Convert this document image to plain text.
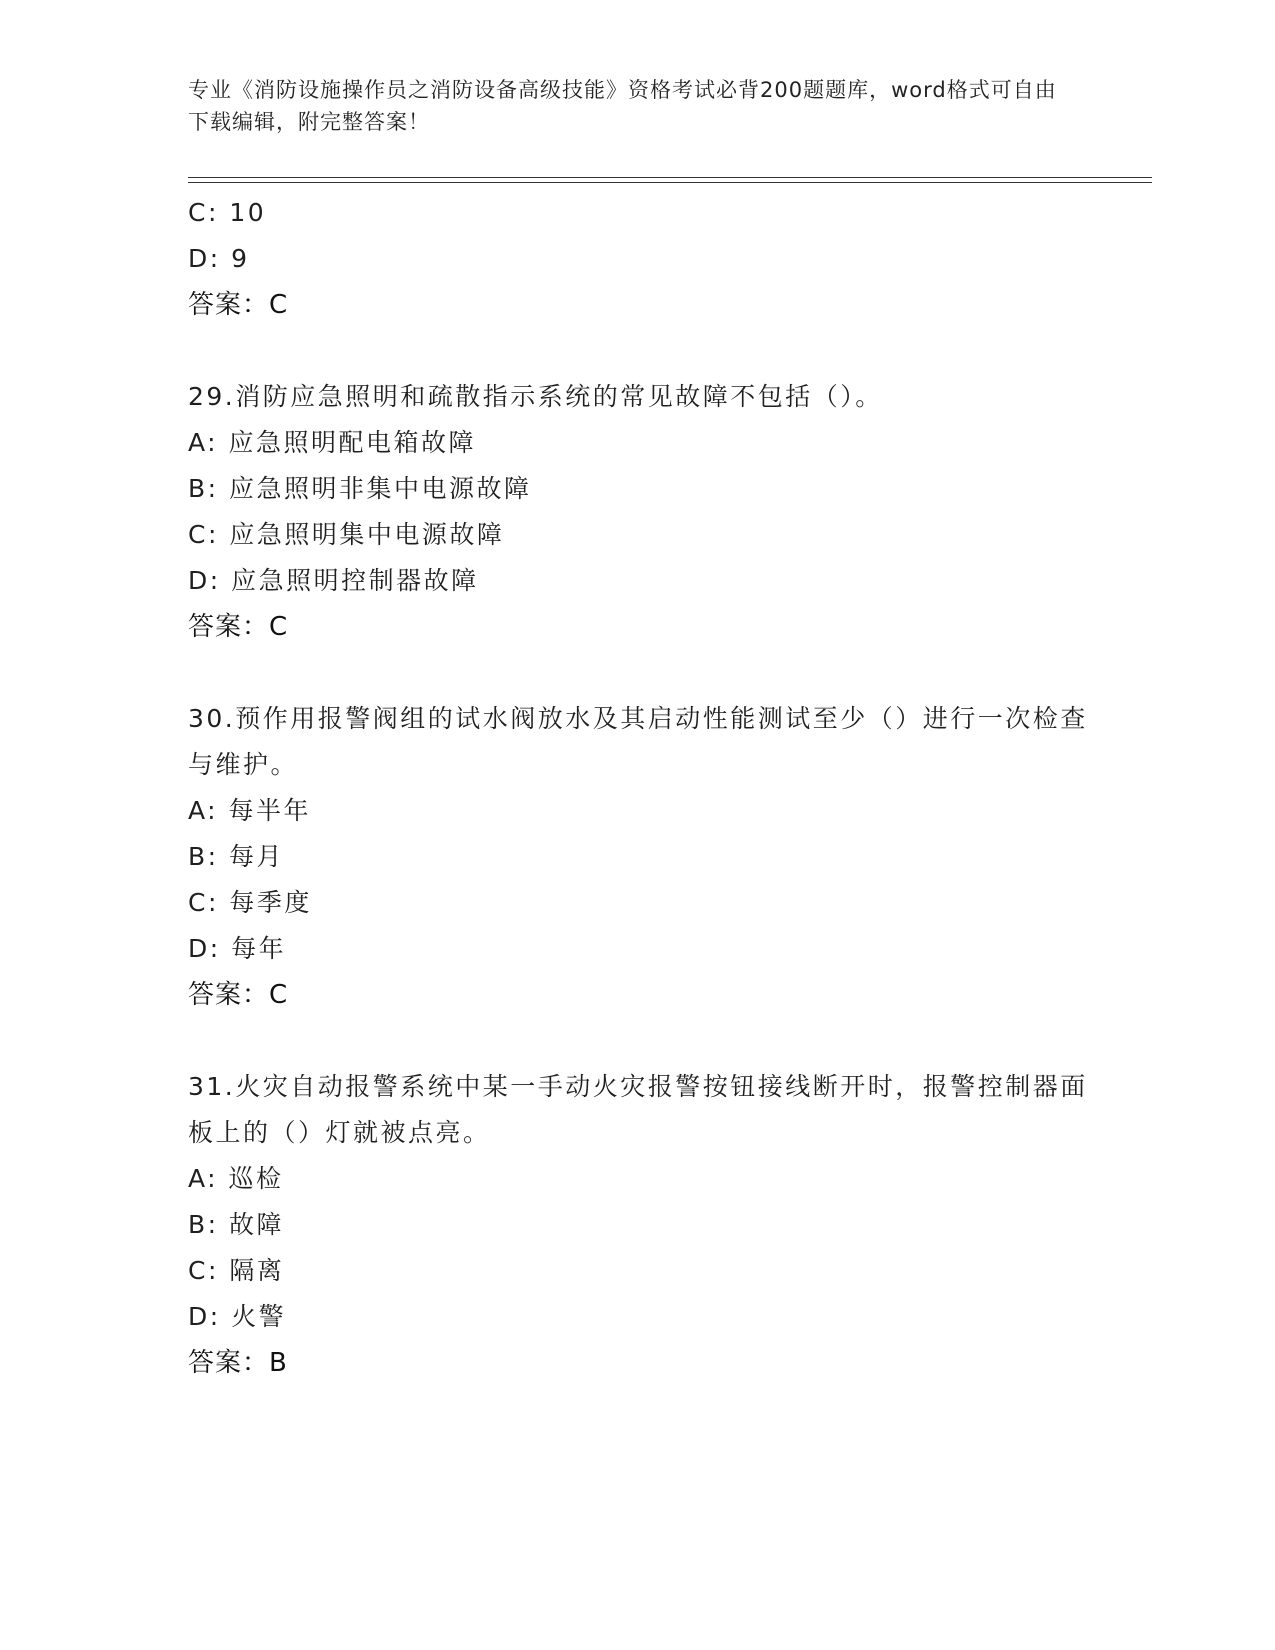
专业《消防设施操作员之消防设备高级技能》资格考试必背200题题库，word格式可自由下载编辑，附完整答案！
C: 10
D: 9
答案：C
29.消防应急照明和疏散指示系统的常见故障不包括（）。
A: 应急照明配电箱故障
B: 应急照明非集中电源故障
C: 应急照明集中电源故障
D: 应急照明控制器故障
答案：C
30.预作用报警阀组的试水阀放水及其启动性能测试至少（）进行一次检查与维护。
A: 每半年
B: 每月
C: 每季度
D: 每年
答案：C
31.火灾自动报警系统中某一手动火灾报警按钮接线断开时，报警控制器面板上的（）灯就被点亮。
A: 巡检
B: 故障
C: 隔离
D: 火警
答案：B
